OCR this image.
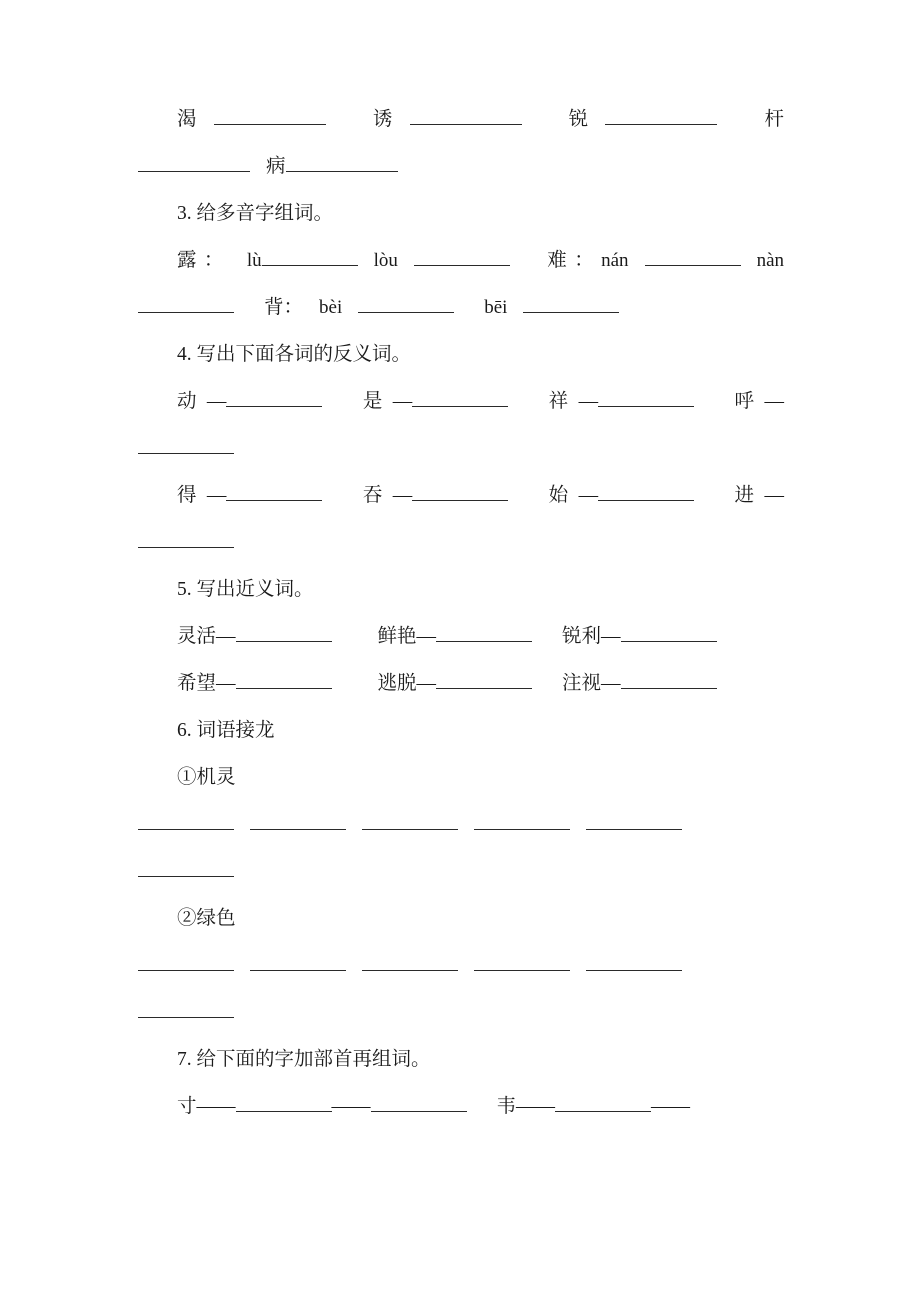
渴	诱	锐	杆病

3. 给多音字组词。

露： lù	lòu	难：nán	nàn背： bèi	bēi

4. 写出下面各词的反义词。

动—	是—	祥—	呼—

得—	吞—	始—	进—

5. 写出近义词。

灵活—	鲜艳—	锐利—

希望—	逃脱—	注视—

6. 词语接龙

①机灵

②绿色

7. 给下面的字加部首再组词。

寸——	——	韦——	——
